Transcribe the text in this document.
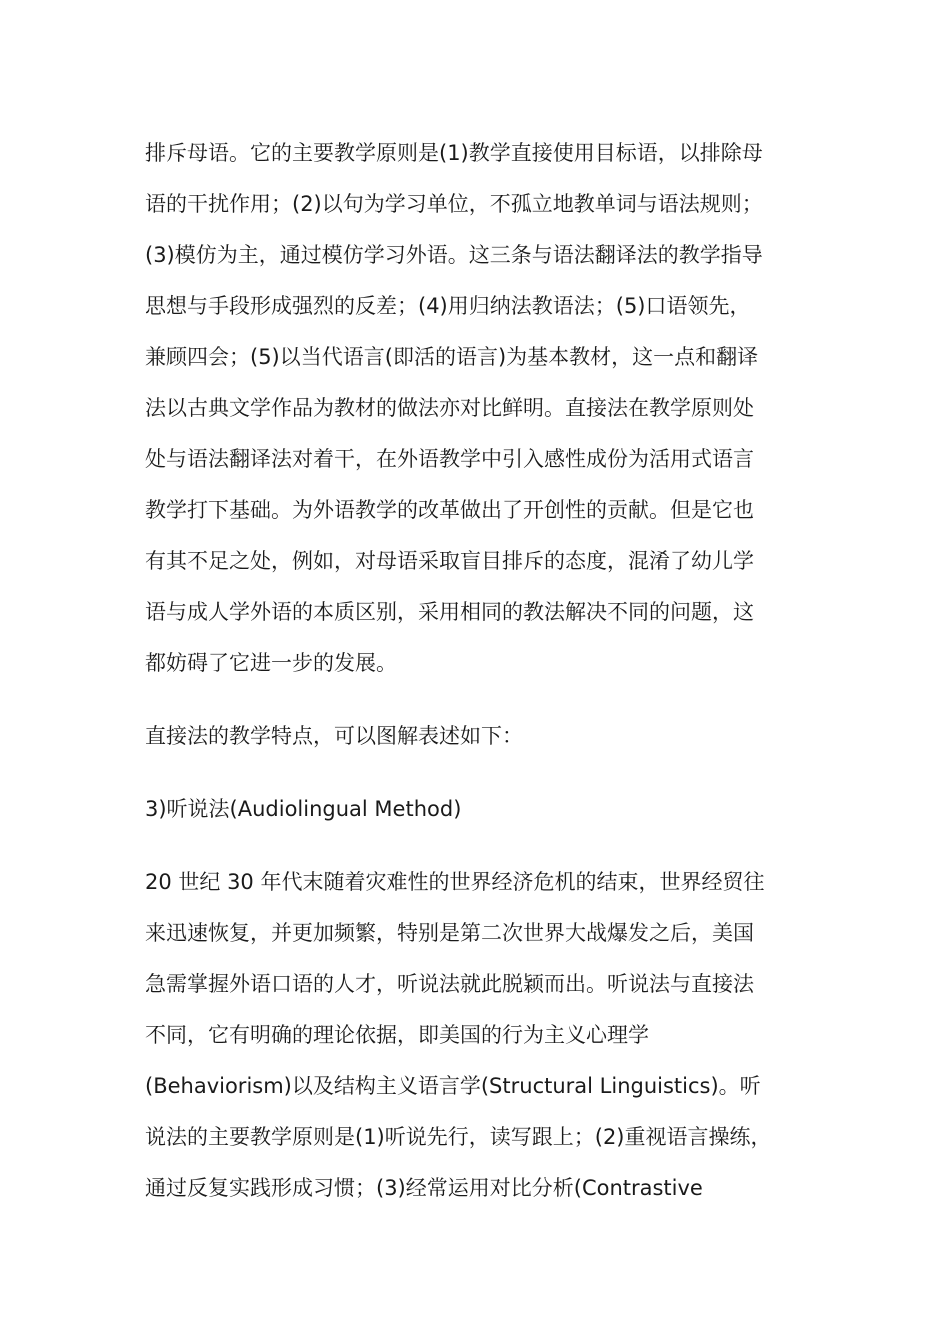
排斥母语。它的主要教学原则是(1)教学直接使用目标语，以排除母
语的干扰作用；(2)以句为学习单位，不孤立地教单词与语法规则；
(3)模仿为主，通过模仿学习外语。这三条与语法翻译法的教学指导
思想与手段形成强烈的反差；(4)用归纳法教语法；(5)口语领先，
兼顾四会；(5)以当代语言(即活的语言)为基本教材，这一点和翻译
法以古典文学作品为教材的做法亦对比鲜明。直接法在教学原则处
处与语法翻译法对着干，在外语教学中引入感性成份为活用式语言
教学打下基础。为外语教学的改革做出了开创性的贡献。但是它也
有其不足之处，例如，对母语采取盲目排斥的态度，混淆了幼儿学
语与成人学外语的本质区别，采用相同的教法解决不同的问题，这
都妨碍了它进一步的发展。
直接法的教学特点，可以图解表述如下：
3)听说法(Audiolingual Method)
20 世纪 30 年代末随着灾难性的世界经济危机的结束，世界经贸往
来迅速恢复，并更加频繁，特别是第二次世界大战爆发之后，美国
急需掌握外语口语的人才，听说法就此脱颖而出。听说法与直接法
不同，它有明确的理论依据，即美国的行为主义心理学
(Behaviorism)以及结构主义语言学(Structural Linguistics)。听
说法的主要教学原则是(1)听说先行，读写跟上；(2)重视语言操练，
通过反复实践形成习惯；(3)经常运用对比分析(Contrastive
